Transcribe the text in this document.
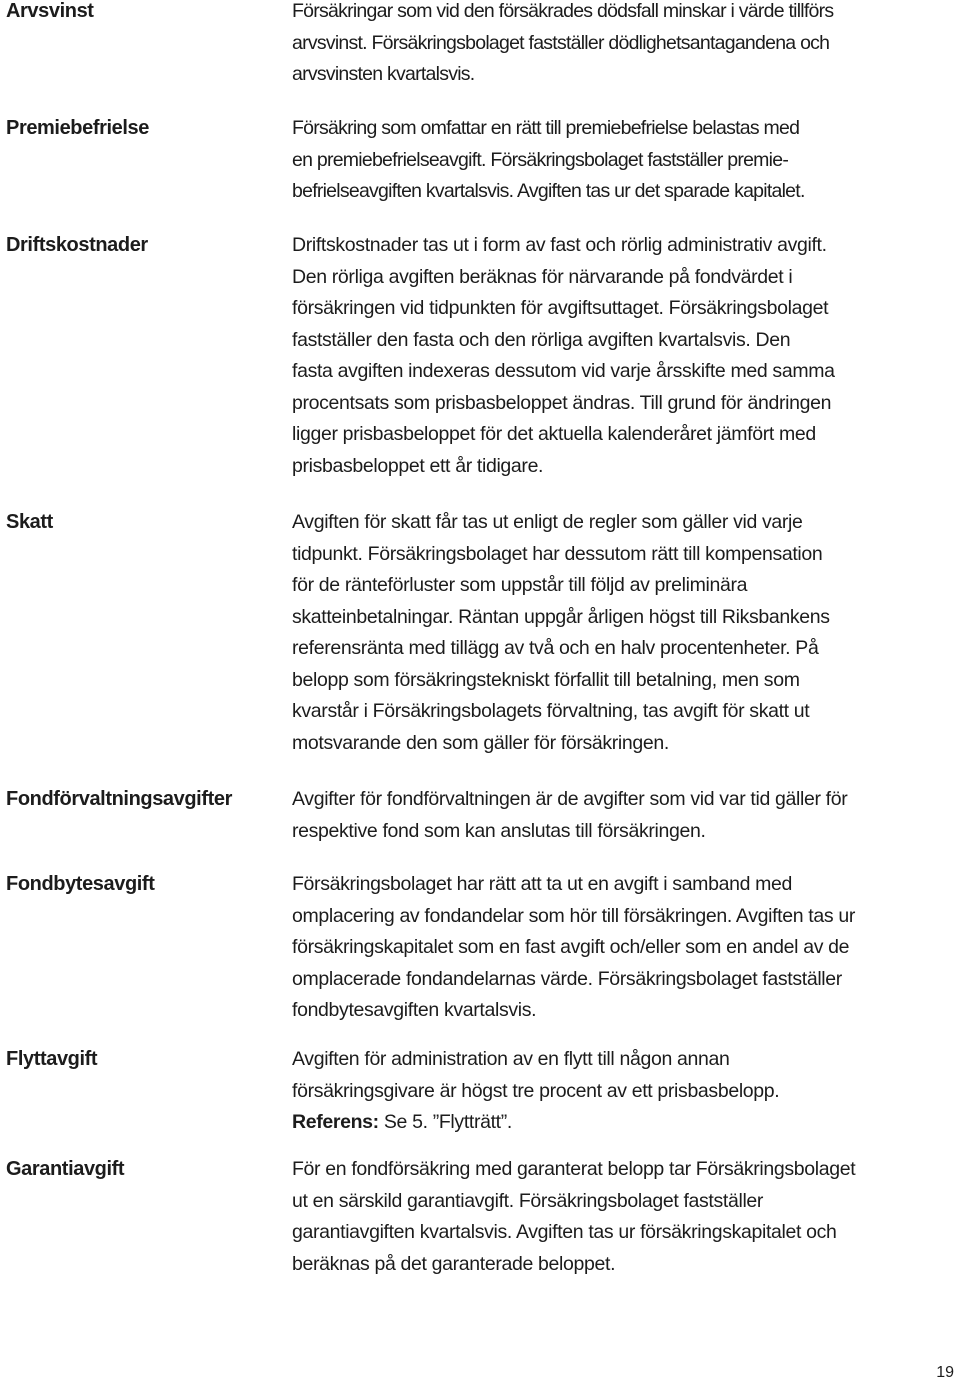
Arvsvinst	Försäkringar som vid den försäkrades dödsfall minskar i värde tillförs
arvsvinst. Försäkringsbolaget fastställer dödlighetsantagandena och
arvsvinsten kvartalsvis.
Premiebefrielse	Försäkring som omfattar en rätt till premiebefrielse belastas med
en premiebefrielseavgift. Försäkringsbolaget fastställer premie-
befrielseavgiften kvartalsvis. Avgiften tas ur det sparade kapitalet.
Driftskostnader	Driftskostnader tas ut i form av fast och rörlig administrativ avgift.
Den rörliga avgiften beräknas för närvarande på fondvärdet i
försäkringen vid tidpunkten för avgiftsuttaget. Försäkringsbolaget
fastställer den fasta och den rörliga avgiften kvartalsvis. Den
fasta avgiften indexeras dessutom vid varje årsskifte med samma
procentsats som prisbasbeloppet ändras. Till grund för ändringen
ligger prisbasbeloppet för det aktuella kalenderåret jämfört med
prisbasbeloppet ett år tidigare.
Skatt	Avgiften för skatt får tas ut enligt de regler som gäller vid varje
tidpunkt. Försäkringsbolaget har dessutom rätt till kompensation
för de ränteförluster som uppstår till följd av preliminära
skatteinbetalningar. Räntan uppgår årligen högst till Riksbankens
referensränta med tillägg av två och en halv procentenheter. På
belopp som försäkringstekniskt förfallit till betalning, men som
kvarstår i Försäkringsbolagets förvaltning, tas avgift för skatt ut
motsvarande den som gäller för försäkringen.
Fondförvaltningsavgifter	Avgifter för fondförvaltningen är de avgifter som vid var tid gäller för
respektive fond som kan anslutas till försäkringen.
Fondbytesavgift	Försäkringsbolaget har rätt att ta ut en avgift i samband med
omplacering av fondandelar som hör till försäkringen. Avgiften tas ur
försäkringskapitalet som en fast avgift och/eller som en andel av de
omplacerade fondandelarnas värde. Försäkringsbolaget fastställer
fondbytesavgiften kvartalsvis.
Flyttavgift	Avgiften för administration av en flytt till någon annan
försäkringsgivare är högst tre procent av ett prisbasbelopp.
Referens: Se 5. ”Flytträtt”.
Garantiavgift	För en fondförsäkring med garanterat belopp tar Försäkringsbolaget
ut en särskild garantiavgift. Försäkringsbolaget fastställer
garantiavgiften kvartalsvis. Avgiften tas ur försäkringskapitalet och
beräknas på det garanterade beloppet.
19
